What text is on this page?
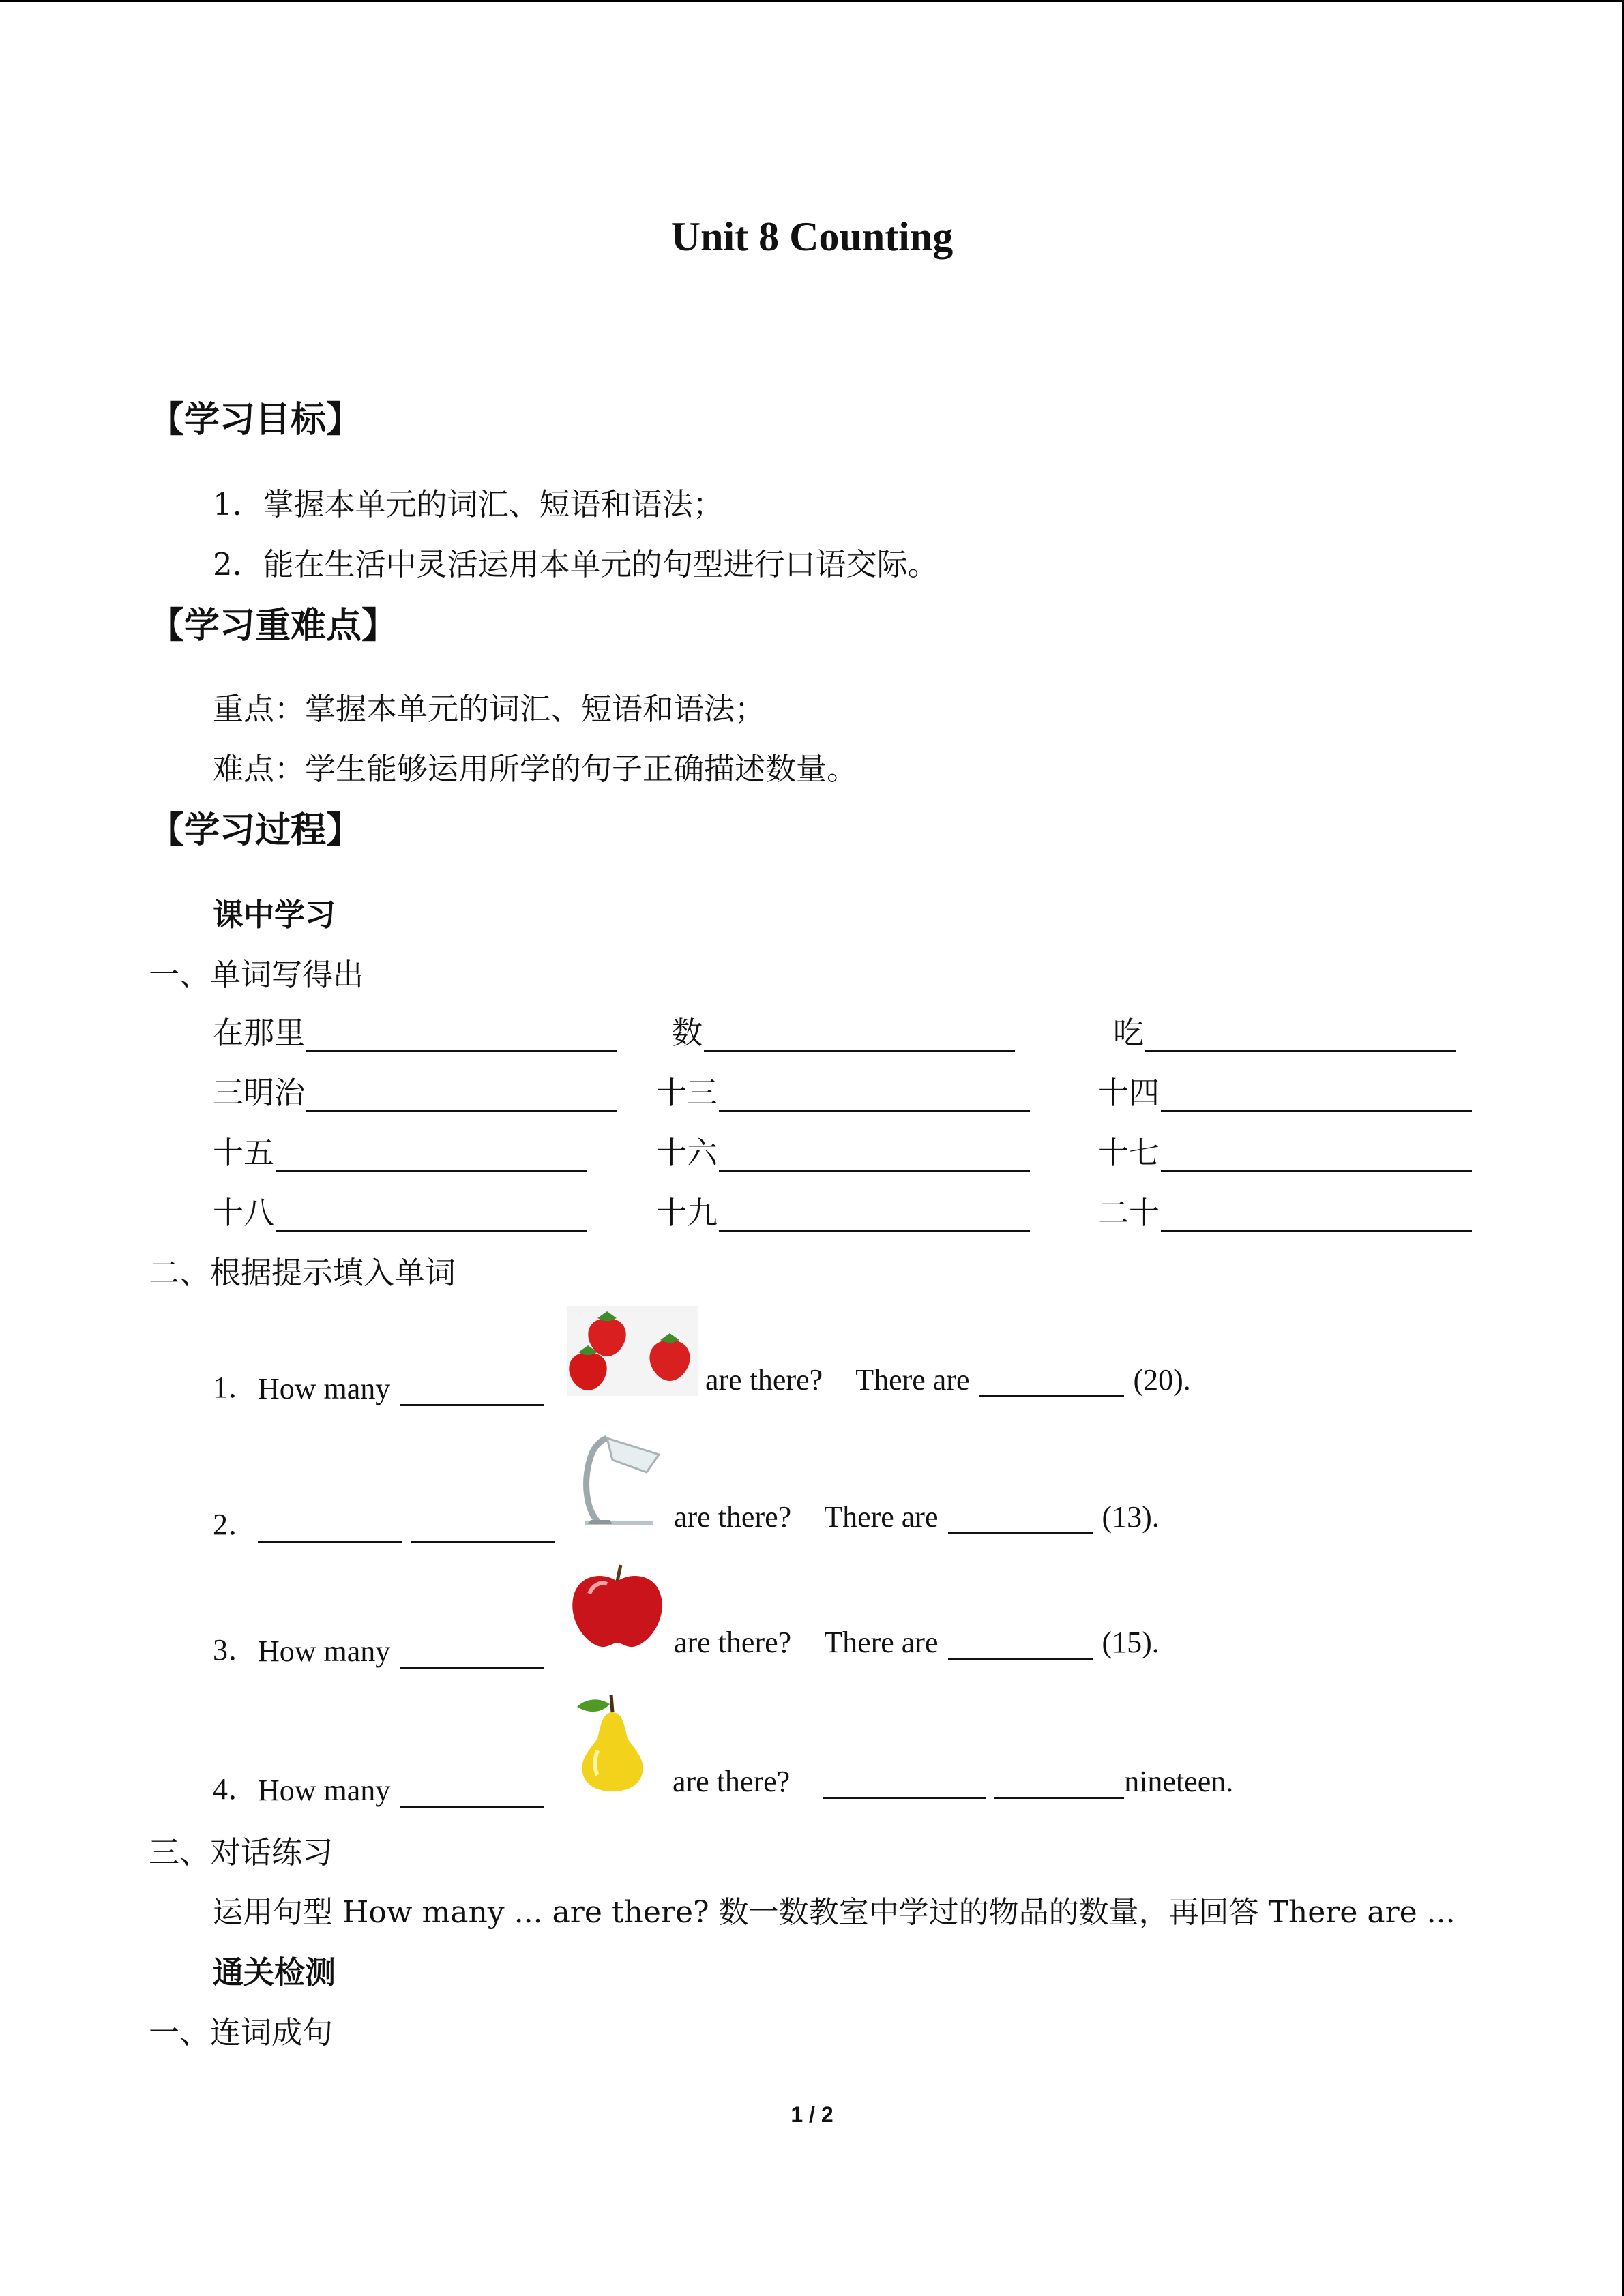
Unit 8 Counting
【学习目标】
1．掌握本单元的词汇、短语和语法；
2．能在生活中灵活运用本单元的句型进行口语交际。
【学习重难点】
重点：掌握本单元的词汇、短语和语法；
难点：学生能够运用所学的句子正确描述数量。
【学习过程】
课中学习
一、单词写得出
在那里	数	吃
三明治	十三	十四
十五	十六	十七
十八	十九	二十
二、根据提示填入单词
1． How many	are there? There are	(20).
2．	are there? There are	(13).
3． How many	are there? There are	(15).
4． How many	are there?	nineteen.
三、对话练习
运用句型 How many ... are there? 数一数教室中学过的物品的数量，再回答 There are ...
通关检测
一、连词成句
1 / 2
